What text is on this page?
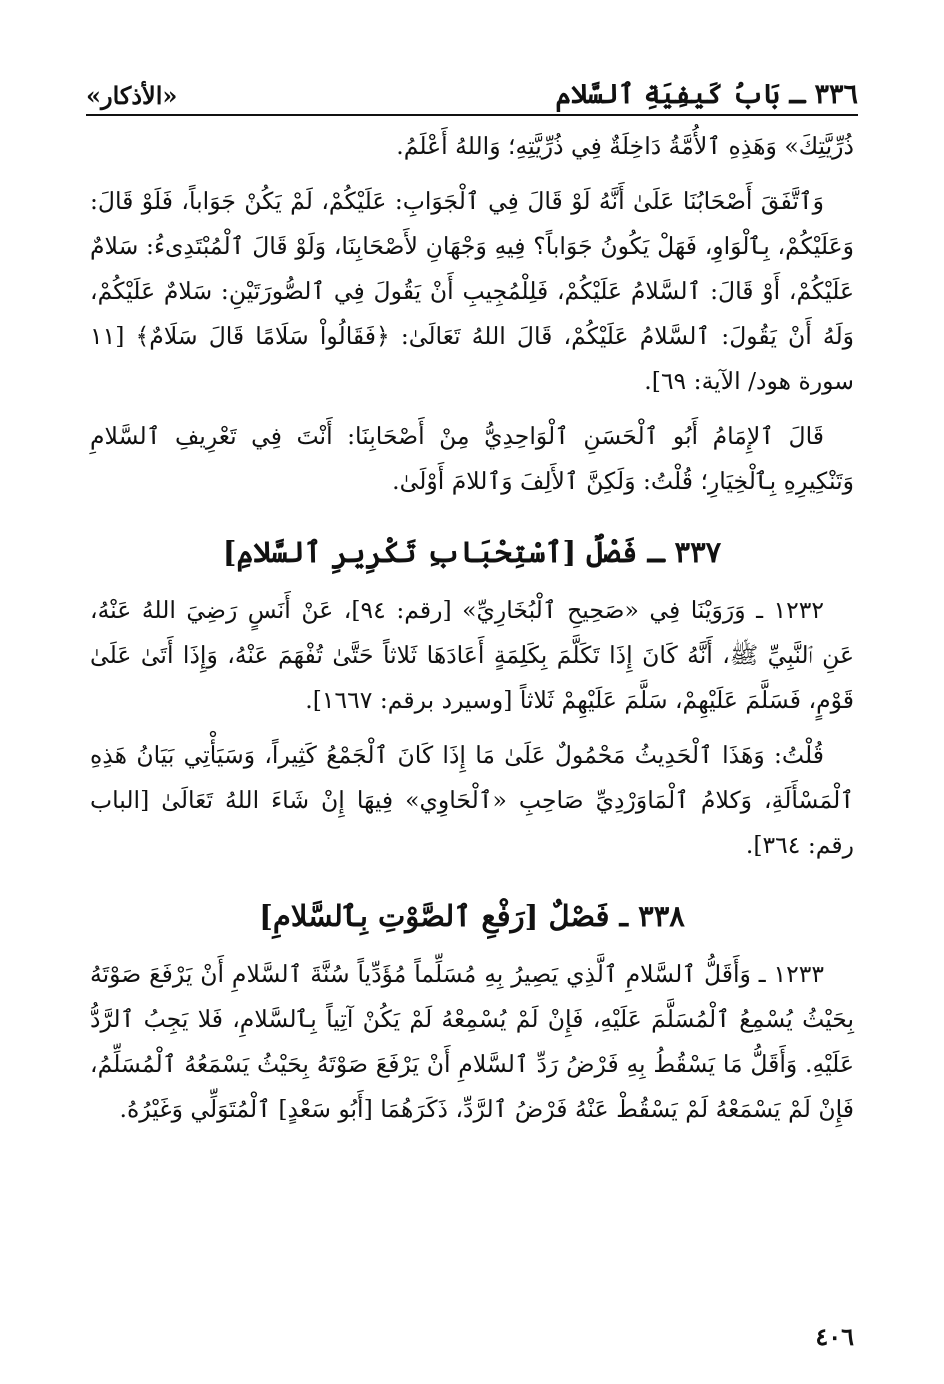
٣٣٦ ـ بَابُ كَيفِيَةِ ٱلسَّلام
«الأذكار»

ذُرِّيَّتِكَ» وَهَذِهِ ٱلأُمَّةُ دَاخِلَةٌ فِي ذُرِّيَّتِهِ؛ وَاللهُ أَعْلَمُ.

وَٱتَّفَقَ أَصْحَابُنَا عَلَىٰ أَنَّهُ لَوْ قَالَ فِي ٱلْجَوَابِ: عَلَيْكُمْ، لَمْ يَكُنْ جَوَاباً، فَلَوْ قَالَ: وَعَلَيْكُمْ، بِٱلْوَاوِ، فَهَلْ يَكُونُ جَوَاباً؟ فِيهِ وَجْهَانِ لأَصْحَابِنَا، وَلَوْ قَالَ ٱلْمُبْتَدِىءُ: سَلامٌ عَلَيْكُمْ، أَوْ قَالَ: ٱلسَّلامُ عَلَيْكُمْ، فَلِلْمُجِيبِ أَنْ يَقُولَ فِي ٱلصُّورَتَيْنِ: سَلامٌ عَلَيْكُمْ، وَلَهُ أَنْ يَقُولَ: ٱلسَّلامُ عَلَيْكُمْ، قَالَ اللهُ تَعَالَىٰ: ﴿فَقَالُواْ سَلَامًا قَالَ سَلَامٌ﴾ [١١ سورة هود/ الآية: ٦٩].

قَالَ ٱلإِمَامُ أَبُو ٱلْحَسَنِ ٱلْوَاحِدِيُّ مِنْ أَصْحَابِنَا: أَنْتَ فِي تَعْرِيفِ ٱلسَّلامِ وَتَنْكِيرِهِ بِٱلْخِيَارِ؛ قُلْتُ: وَلَكِنَّ ٱلأَلِفَ وَٱللامَ أَوْلَىٰ.

٣٣٧ ـ فَصْلٌ [ٱسْتِحْبَابِ تَكْرِيرِ ٱلسَّلامِ]

١٢٣٢ ـ وَرَوَيْنَا فِي «صَحِيحِ ٱلْبُخَارِيِّ» [رقم: ٩٤]، عَنْ أَنَسٍ رَضِيَ اللهُ عَنْهُ، عَنِ ٱلنَّبِيِّ ﷺ، أَنَّهُ كَانَ إِذَا تَكَلَّمَ بِكَلِمَةٍ أَعَادَهَا ثَلاثاً حَتَّىٰ تُفْهَمَ عَنْهُ، وَإِذَا أَتَىٰ عَلَىٰ قَوْمٍ، فَسَلَّمَ عَلَيْهِمْ، سَلَّمَ عَلَيْهِمْ ثَلاثاً [وسيرد برقم: ١٦٦٧].

قُلْتُ: وَهَذَا ٱلْحَدِيثُ مَحْمُولٌ عَلَىٰ مَا إِذَا كَانَ ٱلْجَمْعُ كَثِيراً، وَسَيَأْتِي بَيَانُ هَذِهِ ٱلْمَسْأَلَةِ، وَكلامُ ٱلْمَاوَرْدِيِّ صَاحِبِ «ٱلْحَاوِي» فِيهَا إِنْ شَاءَ اللهُ تَعَالَىٰ [الباب رقم: ٣٦٤].

٣٣٨ ـ فَصْلٌ [رَفْعِ ٱلصَّوْتِ بِٱلسَّلامِ]

١٢٣٣ ـ وَأَقَلُّ ٱلسَّلامِ ٱلَّذِي يَصِيرُ بِهِ مُسَلِّماً مُؤَدِّياً سُنَّةَ ٱلسَّلامِ أَنْ يَرْفَعَ صَوْتَهُ بِحَيْثُ يُسْمِعُ ٱلْمُسَلَّمَ عَلَيْهِ، فَإِنْ لَمْ يُسْمِعْهُ لَمْ يَكُنْ آتِياً بِٱلسَّلامِ، فَلا يَجِبُ ٱلرَّدُّ عَلَيْهِ. وَأَقَلُّ مَا يَسْقُطُ بِهِ فَرْضُ رَدِّ ٱلسَّلامِ أَنْ يَرْفَعَ صَوْتَهُ بِحَيْثُ يَسْمَعُهُ ٱلْمُسَلِّمُ، فَإِنْ لَمْ يَسْمَعْهُ لَمْ يَسْقُطْ عَنْهُ فَرْضُ ٱلرَّدِّ، ذَكَرَهُمَا [أَبُو سَعْدٍ] ٱلْمُتَوَلِّي وَغَيْرُهُ.

٤٠٦
